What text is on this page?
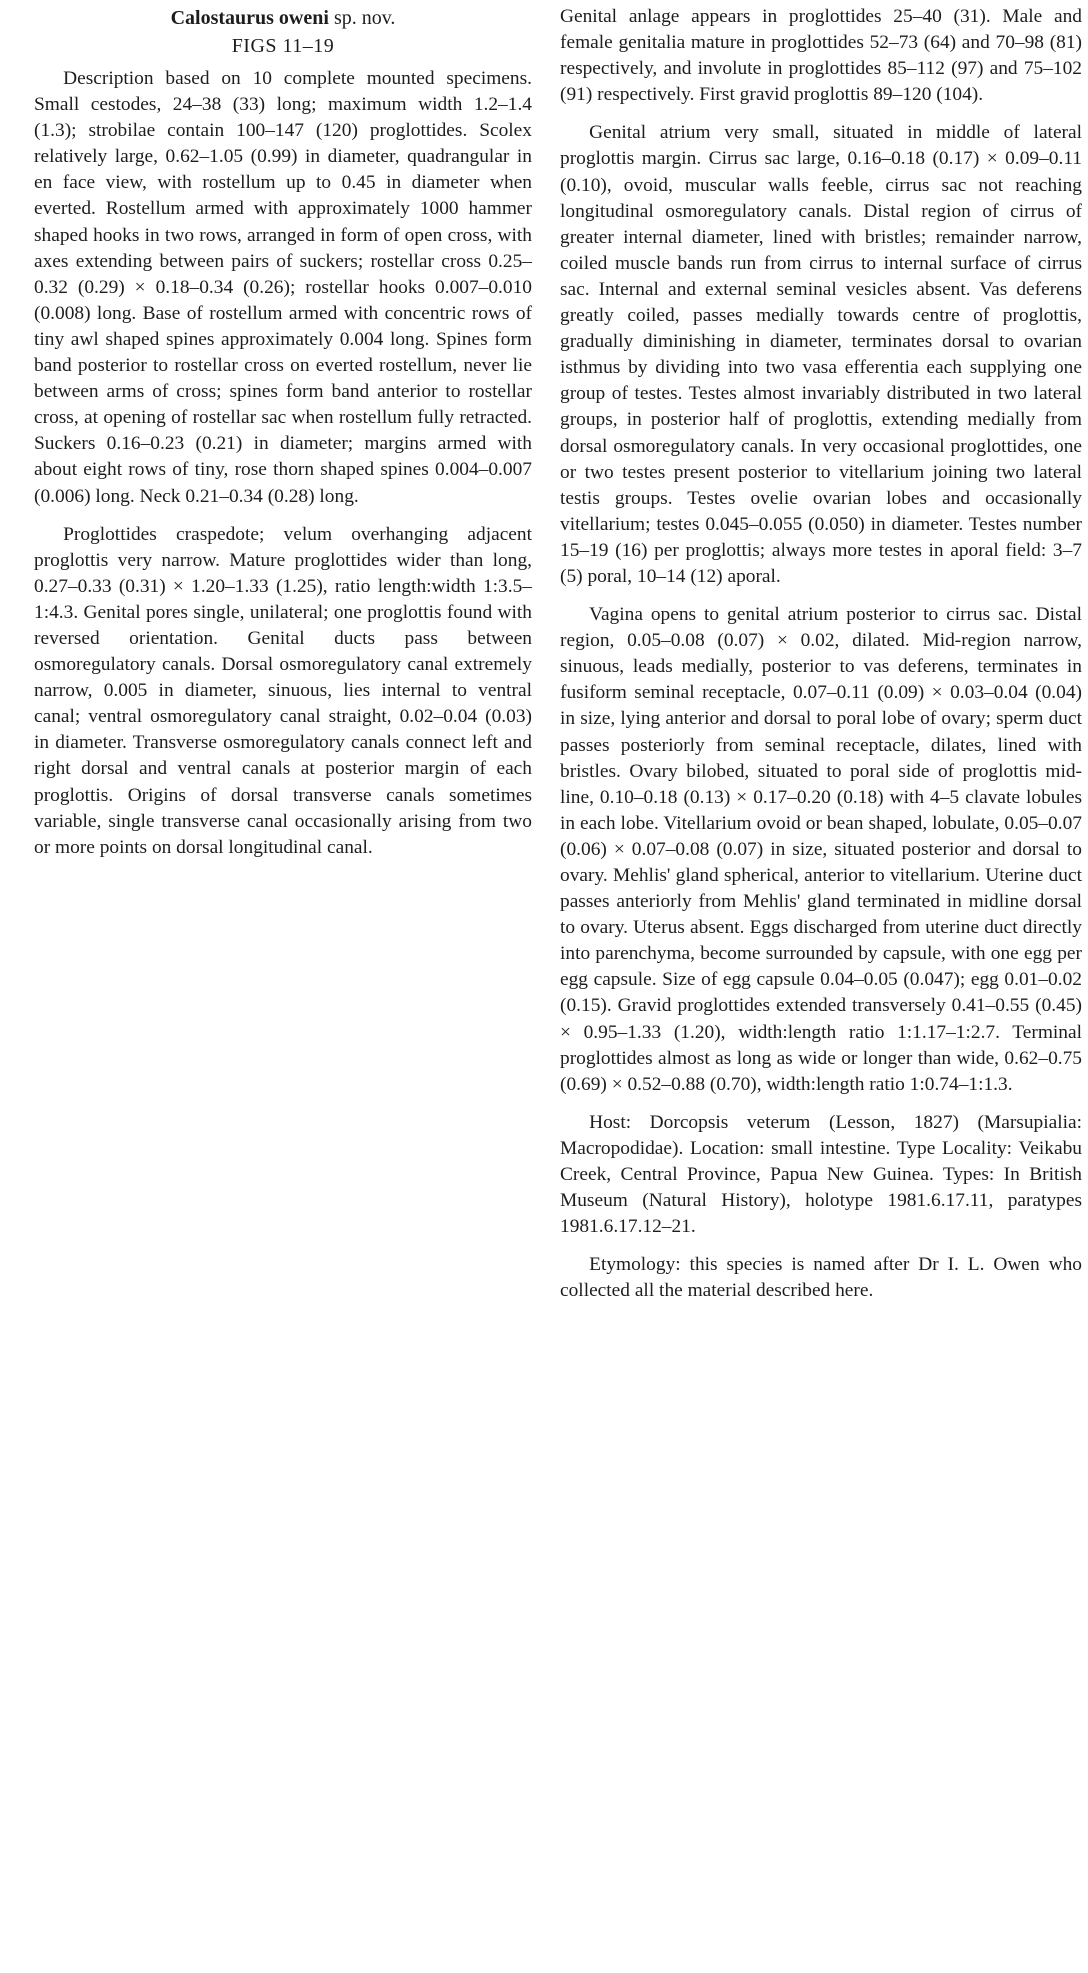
Calostaurus oweni sp. nov.
FIGS 11–19

Description based on 10 complete mounted specimens. Small cestodes, 24–38 (33) long; maximum width 1.2–1.4 (1.3); strobilae contain 100–147 (120) proglottides. Scolex relatively large, 0.62–1.05 (0.99) in diameter, quadrangular in en face view, with rostellum up to 0.45 in diameter when everted. Rostellum armed with approximately 1000 hammer shaped hooks in two rows, arranged in form of open cross, with axes extending between pairs of suckers; rostellar cross 0.25–0.32 (0.29) × 0.18–0.34 (0.26); rostellar hooks 0.007–0.010 (0.008) long. Base of rostellum armed with concentric rows of tiny awl shaped spines approximately 0.004 long. Spines form band posterior to rostellar cross on everted rostellum, never lie between arms of cross; spines form band anterior to rostellar cross, at opening of rostellar sac when rostellum fully retracted. Suckers 0.16–0.23 (0.21) in diameter; margins armed with about eight rows of tiny, rose thorn shaped spines 0.004–0.007 (0.006) long. Neck 0.21–0.34 (0.28) long.

Proglottides craspedote; velum overhanging adjacent proglottis very narrow. Mature proglottides wider than long, 0.27–0.33 (0.31) × 1.20–1.33 (1.25), ratio length:width 1:3.5–1:4.3. Genital pores single, unilateral; one proglottis found with reversed orientation. Genital ducts pass between osmoregulatory canals. Dorsal osmoregulatory canal extremely narrow, 0.005 in diameter, sinuous, lies internal to ventral canal; ventral osmoregulatory canal straight, 0.02–0.04 (0.03) in diameter. Transverse osmoregulatory canals connect left and right dorsal and ventral canals at posterior margin of each proglottis. Origins of dorsal transverse canals sometimes variable, single transverse canal occasionally arising from two or more points on dorsal longitudinal canal.

Genital anlage appears in proglottides 25–40 (31). Male and female genitalia mature in proglottides 52–73 (64) and 70–98 (81) respectively, and involute in proglottides 85–112 (97) and 75–102 (91) respectively. First gravid proglottis 89–120 (104).

Genital atrium very small, situated in middle of lateral proglottis margin. Cirrus sac large, 0.16–0.18 (0.17) × 0.09–0.11 (0.10), ovoid, muscular walls feeble, cirrus sac not reaching longitudinal osmoregulatory canals. Distal region of cirrus of greater internal diameter, lined with bristles; remainder narrow, coiled muscle bands run from cirrus to internal surface of cirrus sac. Internal and external seminal vesicles absent. Vas deferens greatly coiled, passes medially towards centre of proglottis, gradually diminishing in diameter, terminates dorsal to ovarian isthmus by dividing into two vasa efferentia each supplying one group of testes. Testes almost invariably distributed in two lateral groups, in posterior half of proglottis, extending medially from dorsal osmoregulatory canals. In very occasional proglottides, one or two testes present posterior to vitellarium joining two lateral testis groups. Testes ovelie ovarian lobes and occasionally vitellarium; testes 0.045–0.055 (0.050) in diameter. Testes number 15–19 (16) per proglottis; always more testes in aporal field: 3–7 (5) poral, 10–14 (12) aporal.

Vagina opens to genital atrium posterior to cirrus sac. Distal region, 0.05–0.08 (0.07) × 0.02, dilated. Mid-region narrow, sinuous, leads medially, posterior to vas deferens, terminates in fusiform seminal receptacle, 0.07–0.11 (0.09) × 0.03–0.04 (0.04) in size, lying anterior and dorsal to poral lobe of ovary; sperm duct passes posteriorly from seminal receptacle, dilates, lined with bristles. Ovary bilobed, situated to poral side of proglottis mid-line, 0.10–0.18 (0.13) × 0.17–0.20 (0.18) with 4–5 clavate lobules in each lobe. Vitellarium ovoid or bean shaped, lobulate, 0.05–0.07 (0.06) × 0.07–0.08 (0.07) in size, situated posterior and dorsal to ovary. Mehlis' gland spherical, anterior to vitellarium. Uterine duct passes anteriorly from Mehlis' gland terminated in midline dorsal to ovary. Uterus absent. Eggs discharged from uterine duct directly into parenchyma, become surrounded by capsule, with one egg per egg capsule. Size of egg capsule 0.04–0.05 (0.047); egg 0.01–0.02 (0.15). Gravid proglottides extended transversely 0.41–0.55 (0.45) × 0.95–1.33 (1.20), width:length ratio 1:1.17–1:2.7. Terminal proglottides almost as long as wide or longer than wide, 0.62–0.75 (0.69) × 0.52–0.88 (0.70), width:length ratio 1:0.74–1:1.3.

Host: Dorcopsis veterum (Lesson, 1827) (Marsupialia: Macropodidae). Location: small intestine. Type Locality: Veikabu Creek, Central Province, Papua New Guinea. Types: In British Museum (Natural History), holotype 1981.6.17.11, paratypes 1981.6.17.12–21.

Etymology: this species is named after Dr I. L. Owen who collected all the material described here.
